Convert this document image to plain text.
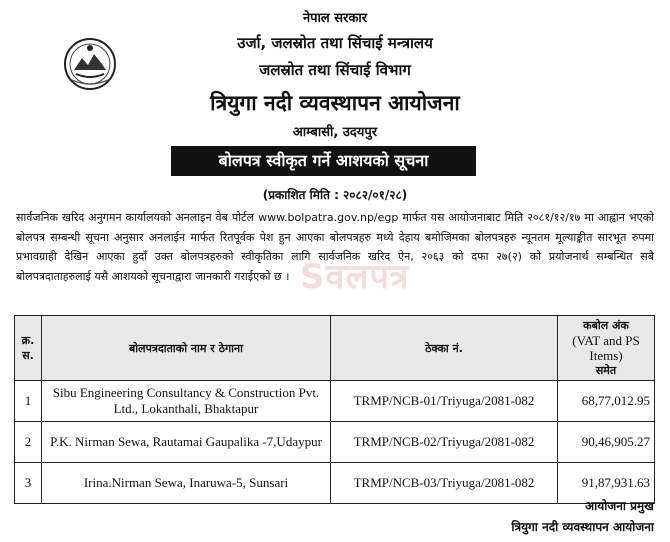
नेपाल सरकार
उर्जा, जलस्रोत तथा सिंचाई मन्त्रालय
जलस्रोत तथा सिंचाई विभाग
त्रियुगा नदी व्यवस्थापन आयोजना
आम्बासी, उदयपुर
बोलपत्र स्वीकृत गर्ने आशयको सूचना
(प्रकाशित मिति : २०८२/०१/२८)

सार्वजनिक खरिद अनुगमन कार्यालयको अनलाइन वेब पोर्टल www.bolpatra.gov.np/egp मार्फत यस आयोजनाबाट मिति २०८१/१२/१७ मा आह्वान भएको बोलपत्र सम्बन्धी सूचना अनुसार अनलाईन मार्फत रितपूर्वक पेश हुन आएका बोलपत्रहरु मध्ये देहाय बमोजिमका बोलपत्रहरु न्यूनतम मूल्याङ्कीत सारभूत रुपमा प्रभावग्राही देखिन आएका हुदाँ उक्त बोलपत्रहरुको स्वीकृतिका लागि सार्वजनिक खरिद ऐन, २०६३ को दफा २७(२) को प्रयोजनार्थ सम्बन्धित सबै बोलपत्रदाताहरुलाई यसै आशयको सूचनाद्वारा जानकारी गराईएको छ । Sवलपत्र
क्र. स.	बोलपत्रदाताको नाम र ठेगाना	ठेक्का नं.	कबोल अंक
(VAT and PS Items)
समेत

1	Sibu Engineering Consultancy & Construction Pvt. Ltd., Lokanthali, Bhaktapur	TRMP/NCB-01/Triyuga/2081-082	68,77,012.95
2	P.K. Nirman Sewa, Rautamai Gaupalika -7,Udaypur	TRMP/NCB-02/Triyuga/2081-082	90,46,905.27
3	Irina.Nirman Sewa, Inaruwa-5, Sunsari	TRMP/NCB-03/Triyuga/2081-082	91,87,931.63
आयोजना प्रमुख
त्रियुगा नदी व्यवस्थापन आयोजना
